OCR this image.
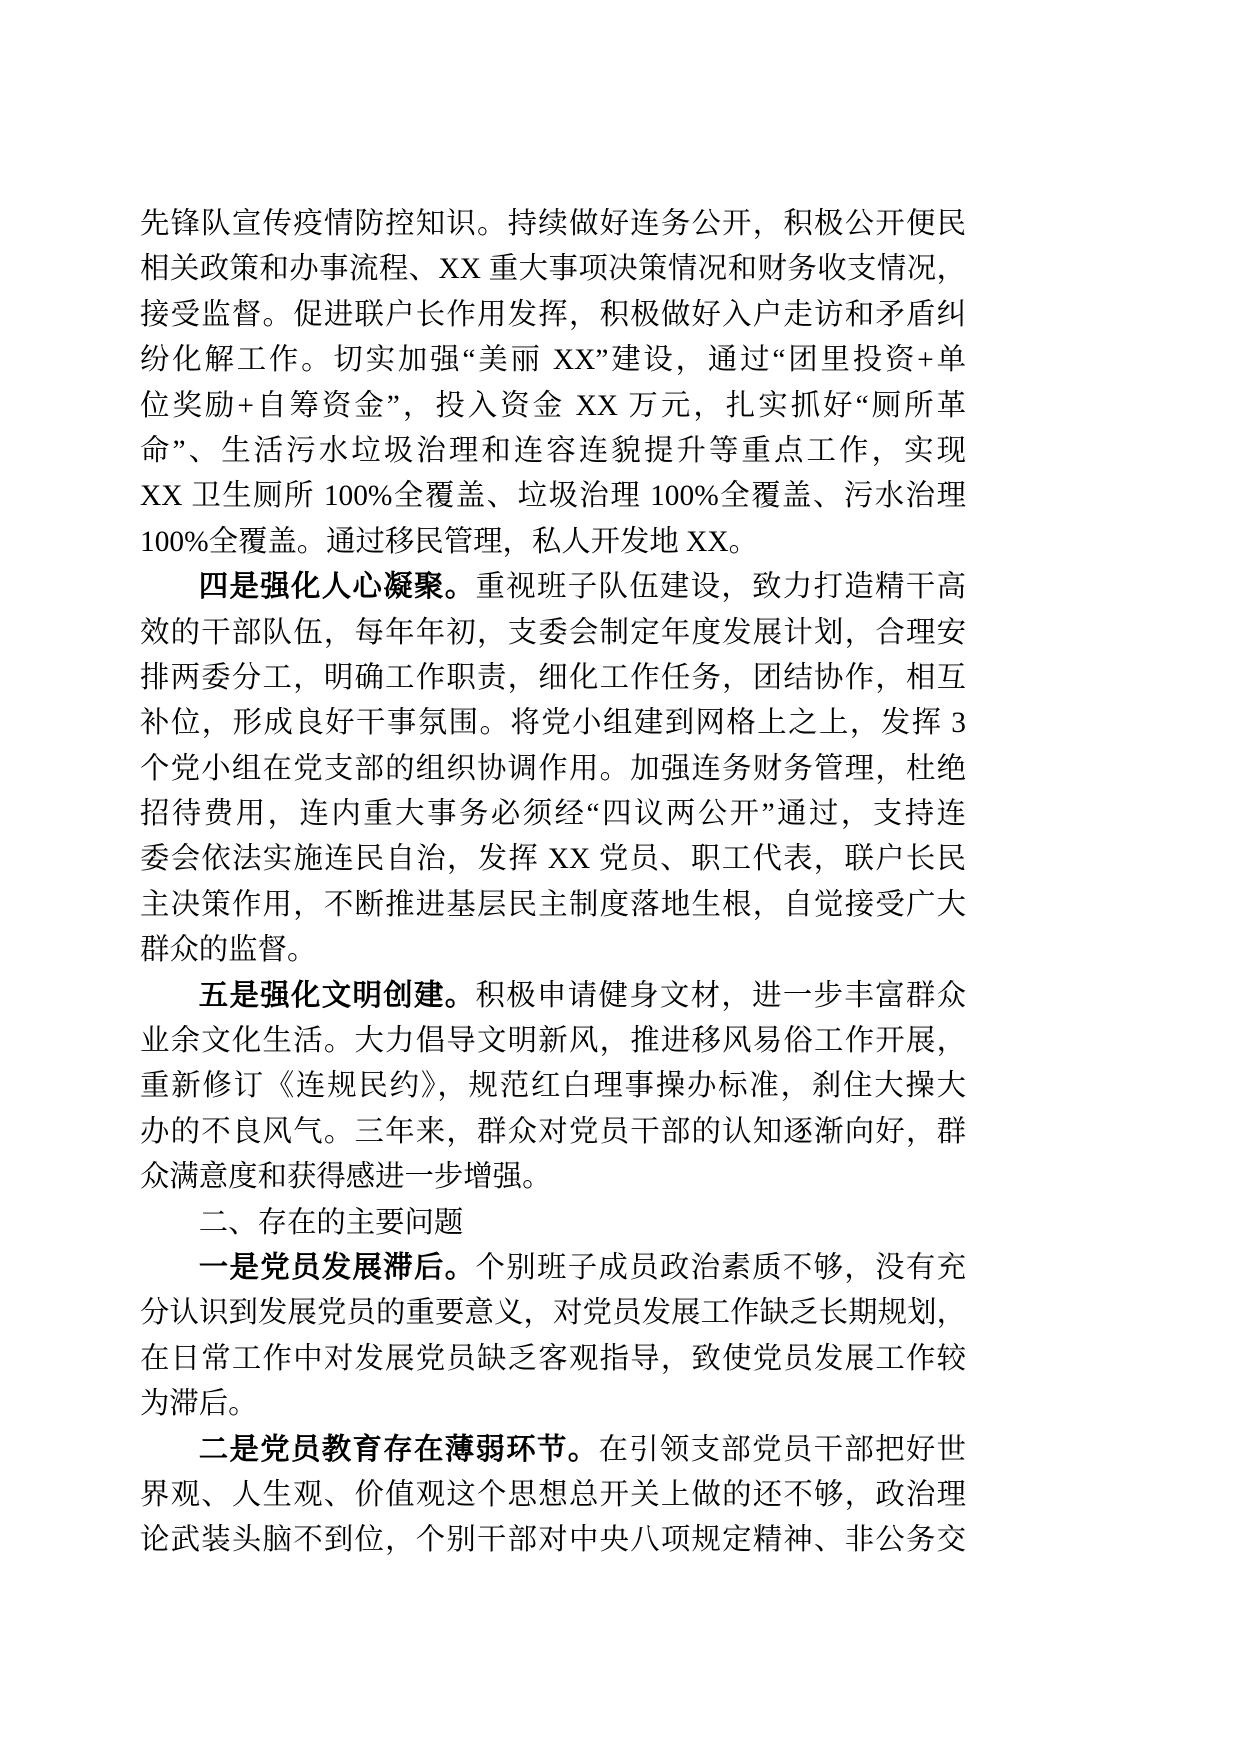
先锋队宣传疫情防控知识。持续做好连务公开，积极公开便民
相关政策和办事流程、XX 重大事项决策情况和财务收支情况，
接受监督。促进联户长作用发挥，积极做好入户走访和矛盾纠
纷化解工作。切实加强“美丽 XX”建设，通过“团里投资+单
位奖励+自筹资金”，投入资金 XX 万元，扎实抓好“厕所革
命”、生活污水垃圾治理和连容连貌提升等重点工作，实现
XX 卫生厕所 100%全覆盖、垃圾治理 100%全覆盖、污水治理
100%全覆盖。通过移民管理，私人开发地 XX。
四是强化人心凝聚。重视班子队伍建设，致力打造精干高
效的干部队伍，每年年初，支委会制定年度发展计划，合理安
排两委分工，明确工作职责，细化工作任务，团结协作，相互
补位，形成良好干事氛围。将党小组建到网格上之上，发挥 3
个党小组在党支部的组织协调作用。加强连务财务管理，杜绝
招待费用，连内重大事务必须经“四议两公开”通过，支持连
委会依法实施连民自治，发挥 XX 党员、职工代表，联户长民
主决策作用，不断推进基层民主制度落地生根，自觉接受广大
群众的监督。
五是强化文明创建。积极申请健身文材，进一步丰富群众
业余文化生活。大力倡导文明新风，推进移风易俗工作开展，
重新修订《连规民约》，规范红白理事操办标准，刹住大操大
办的不良风气。三年来，群众对党员干部的认知逐渐向好，群
众满意度和获得感进一步增强。
二、存在的主要问题
一是党员发展滞后。个别班子成员政治素质不够，没有充
分认识到发展党员的重要意义，对党员发展工作缺乏长期规划，
在日常工作中对发展党员缺乏客观指导，致使党员发展工作较
为滞后。
二是党员教育存在薄弱环节。在引领支部党员干部把好世
界观、人生观、价值观这个思想总开关上做的还不够，政治理
论武装头脑不到位，个别干部对中央八项规定精神、非公务交
